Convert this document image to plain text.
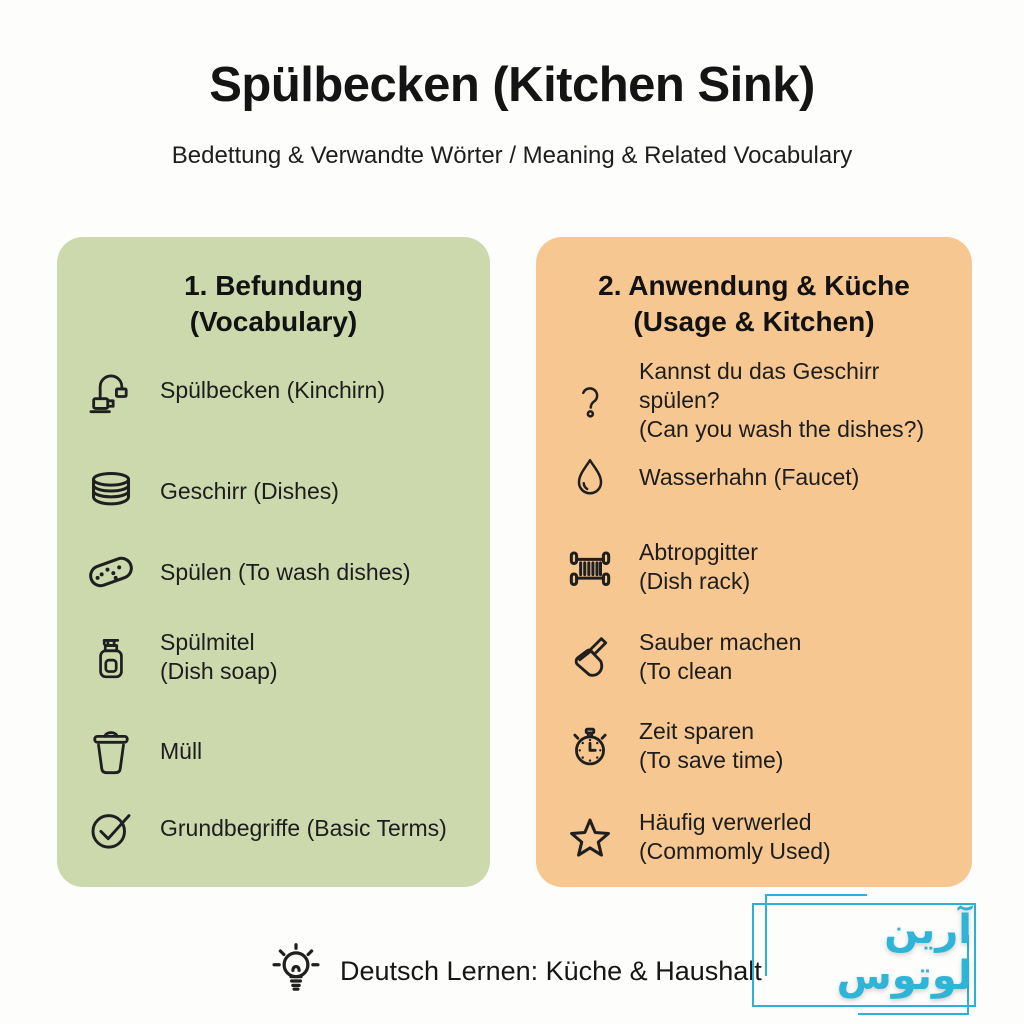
Spülbecken (Kitchen Sink)
Bedettung & Verwandte Wörter / Meaning & Related Vocabulary
1. Befundung
(Vocabulary)
Spülbecken (Kinchirn)
Geschirr (Dishes)
Spülen (To wash dishes)
Spülmitel
(Dish soap)
Müll
Grundbegriffe (Basic Terms)
2. Anwendung & Küche
(Usage & Kitchen)
Kannst du das Geschirr spülen?
(Can you wash the dishes?)
Wasserhahn (Faucet)
Abtropgitter
(Dish rack)
Sauber machen
(To clean
Zeit sparen
(To save time)
Häufig verwerled
(Commomly Used)
Deutsch Lernen: Küche & Haushalt
آرین لوتوس
